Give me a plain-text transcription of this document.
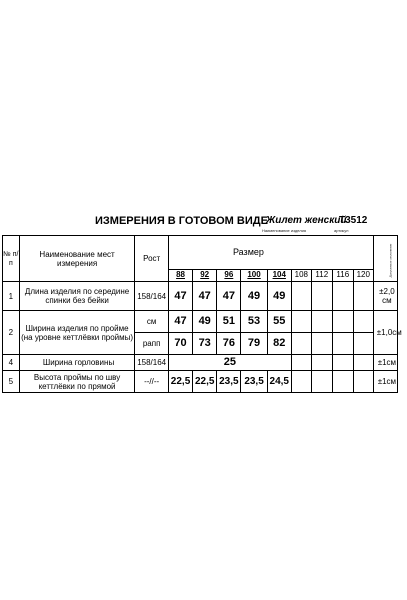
ИЗМЕРЕНИЯ В ГОТОВОМ ВИДЕ
Жилет женский
Т3512
Наименование изделия	артикул
№ п/п	Наименование мест измерения	Рост	Размер									Допустимое отклонение
			88	92	96	100	104	108	112	116	120	
1	Длина изделия по середине спинки без бейки	158/164	47	47	47	49	49					±2,0 см
2	Ширина изделия по пройме (на уровне кеттлёвки проймы)	см	47	49	51	53	55					±1,0см
		рапп	70	73	76	79	82					
4	Ширина горловины	158/164	25									±1см
5	Высота проймы по шву кеттлёвки по прямой	--//--	22,5	22,5	23,5	23,5	24,5					±1см
